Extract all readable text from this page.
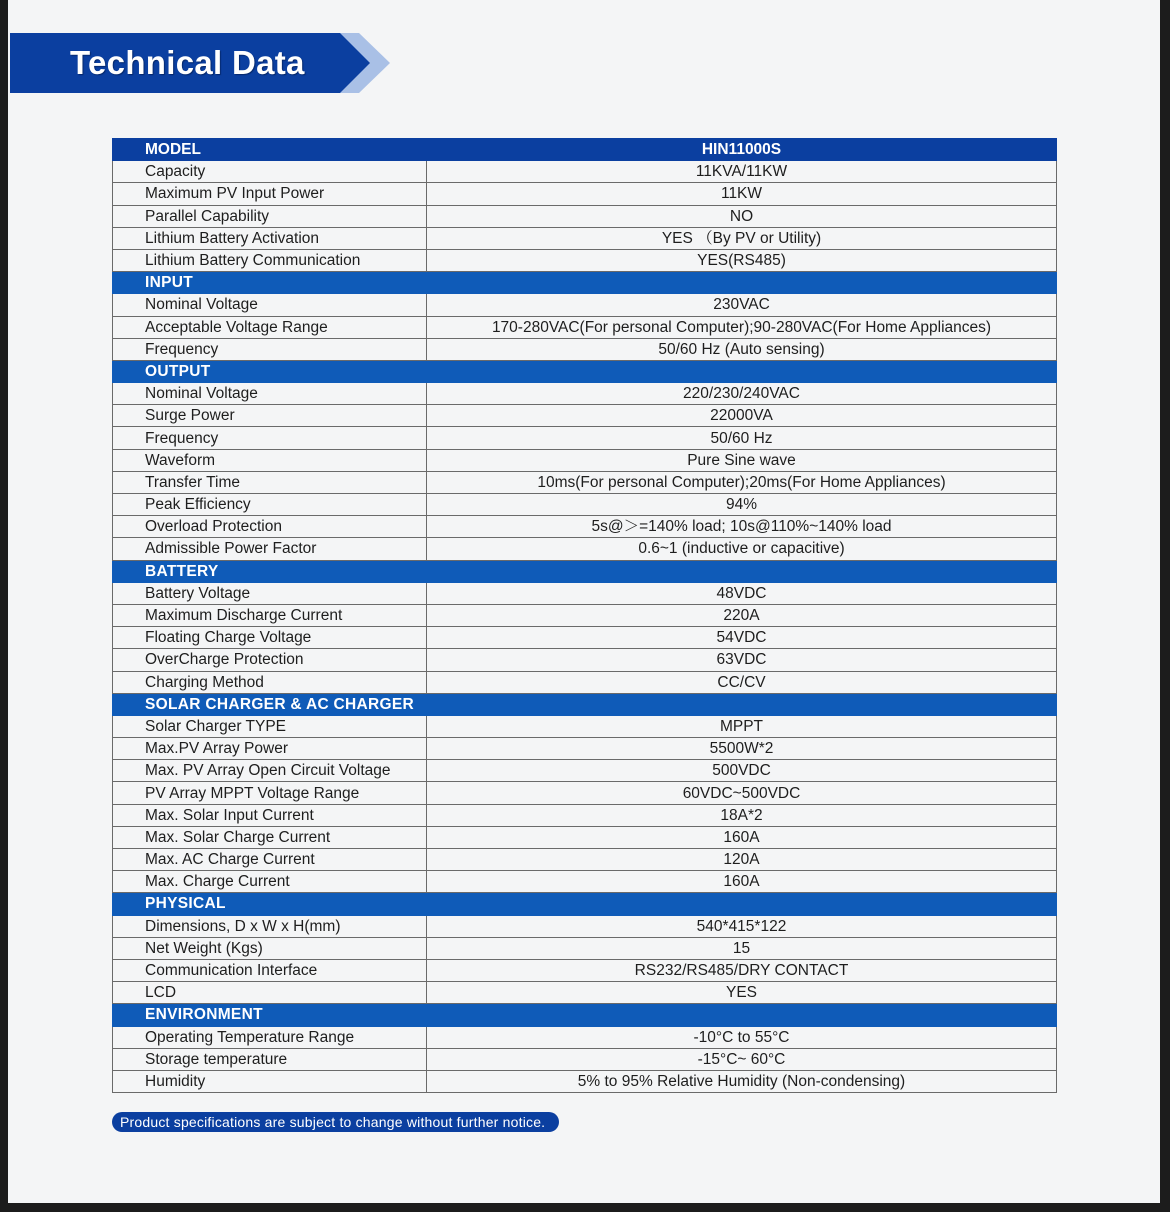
Technical Data
MODEL	HIN11000S
Capacity	11KVA/11KW
Maximum PV Input Power	11KW
Parallel Capability	NO
Lithium Battery Activation	YES （By PV or Utility)
Lithium Battery Communication	YES(RS485)
INPUT	
Nominal Voltage	230VAC
Acceptable Voltage Range	170-280VAC(For personal Computer);90-280VAC(For Home Appliances)
Frequency	50/60 Hz (Auto sensing)
OUTPUT	
Nominal Voltage	220/230/240VAC
Surge Power	22000VA
Frequency	50/60 Hz
Waveform	Pure Sine wave
Transfer Time	10ms(For personal Computer);20ms(For Home Appliances)
Peak Efficiency	94%
Overload Protection	5s@＞=140% load; 10s@110%~140% load
Admissible Power Factor	0.6~1 (inductive or capacitive)
BATTERY	
Battery Voltage	48VDC
Maximum Discharge Current	220A
Floating Charge Voltage	54VDC
OverCharge Protection	63VDC
Charging Method	CC/CV
SOLAR CHARGER & AC CHARGER	
Solar Charger TYPE	MPPT
Max.PV Array Power	5500W*2
Max. PV Array Open Circuit Voltage	500VDC
PV Array MPPT Voltage Range	60VDC~500VDC
Max. Solar Input Current	18A*2
Max. Solar Charge Current	160A
Max. AC Charge Current	120A
Max. Charge Current	160A
PHYSICAL	
Dimensions, D x W x H(mm)	540*415*122
Net Weight (Kgs)	15
Communication Interface	RS232/RS485/DRY CONTACT
LCD	YES
ENVIRONMENT	
Operating Temperature Range	-10°C to 55°C
Storage temperature	-15°C~ 60°C
Humidity	5% to 95% Relative Humidity (Non-condensing)
Product specifications are subject to change without further notice.
